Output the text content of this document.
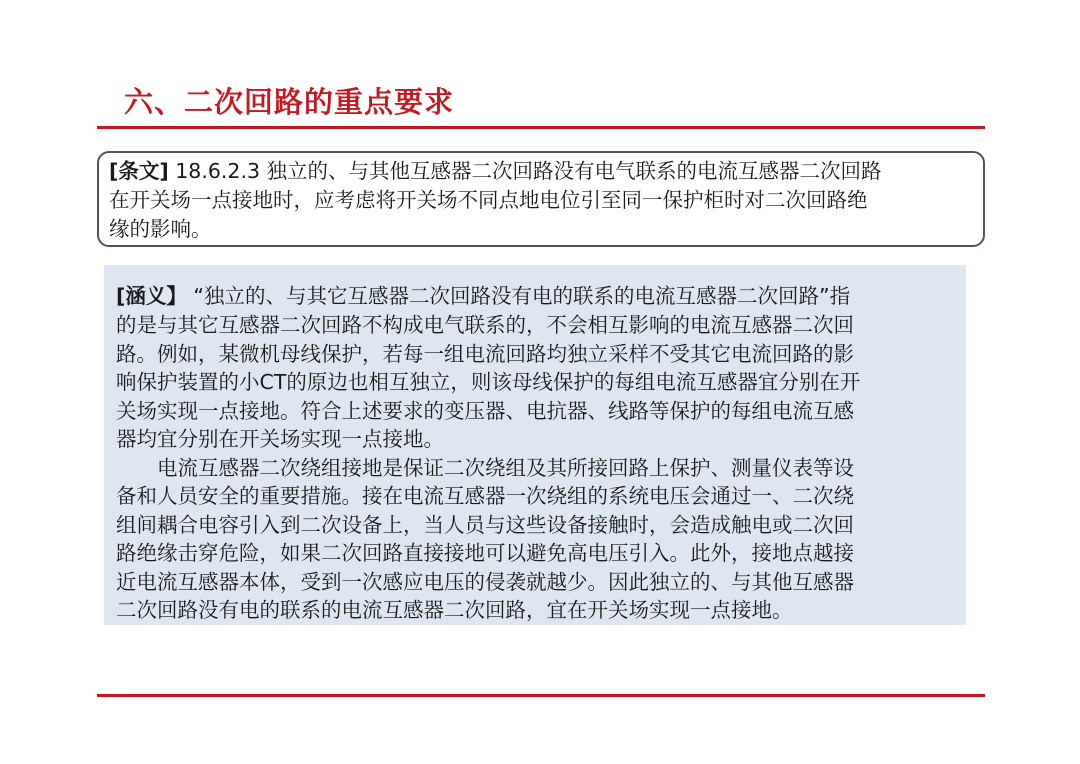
六、二次回路的重点要求
[条文] 18.6.2.3 独立的、与其他互感器二次回路没有电气联系的电流互感器二次回路
在开关场一点接地时，应考虑将开关场不同点地电位引至同一保护柜时对二次回路绝
缘的影响。
[涵义】 “独立的、与其它互感器二次回路没有电的联系的电流互感器二次回路”指
的是与其它互感器二次回路不构成电气联系的，不会相互影响的电流互感器二次回
路。例如，某微机母线保护，若每一组电流回路均独立采样不受其它电流回路的影
响保护装置的小CT的原边也相互独立，则该母线保护的每组电流互感器宜分别在开
关场实现一点接地。符合上述要求的变压器、电抗器、线路等保护的每组电流互感
器均宜分别在开关场实现一点接地。
　　电流互感器二次绕组接地是保证二次绕组及其所接回路上保护、测量仪表等设
备和人员安全的重要措施。接在电流互感器一次绕组的系统电压会通过一、二次绕
组间耦合电容引入到二次设备上，当人员与这些设备接触时，会造成触电或二次回
路绝缘击穿危险，如果二次回路直接接地可以避免高电压引入。此外，接地点越接
近电流互感器本体，受到一次感应电压的侵袭就越少。因此独立的、与其他互感器
二次回路没有电的联系的电流互感器二次回路，宜在开关场实现一点接地。
